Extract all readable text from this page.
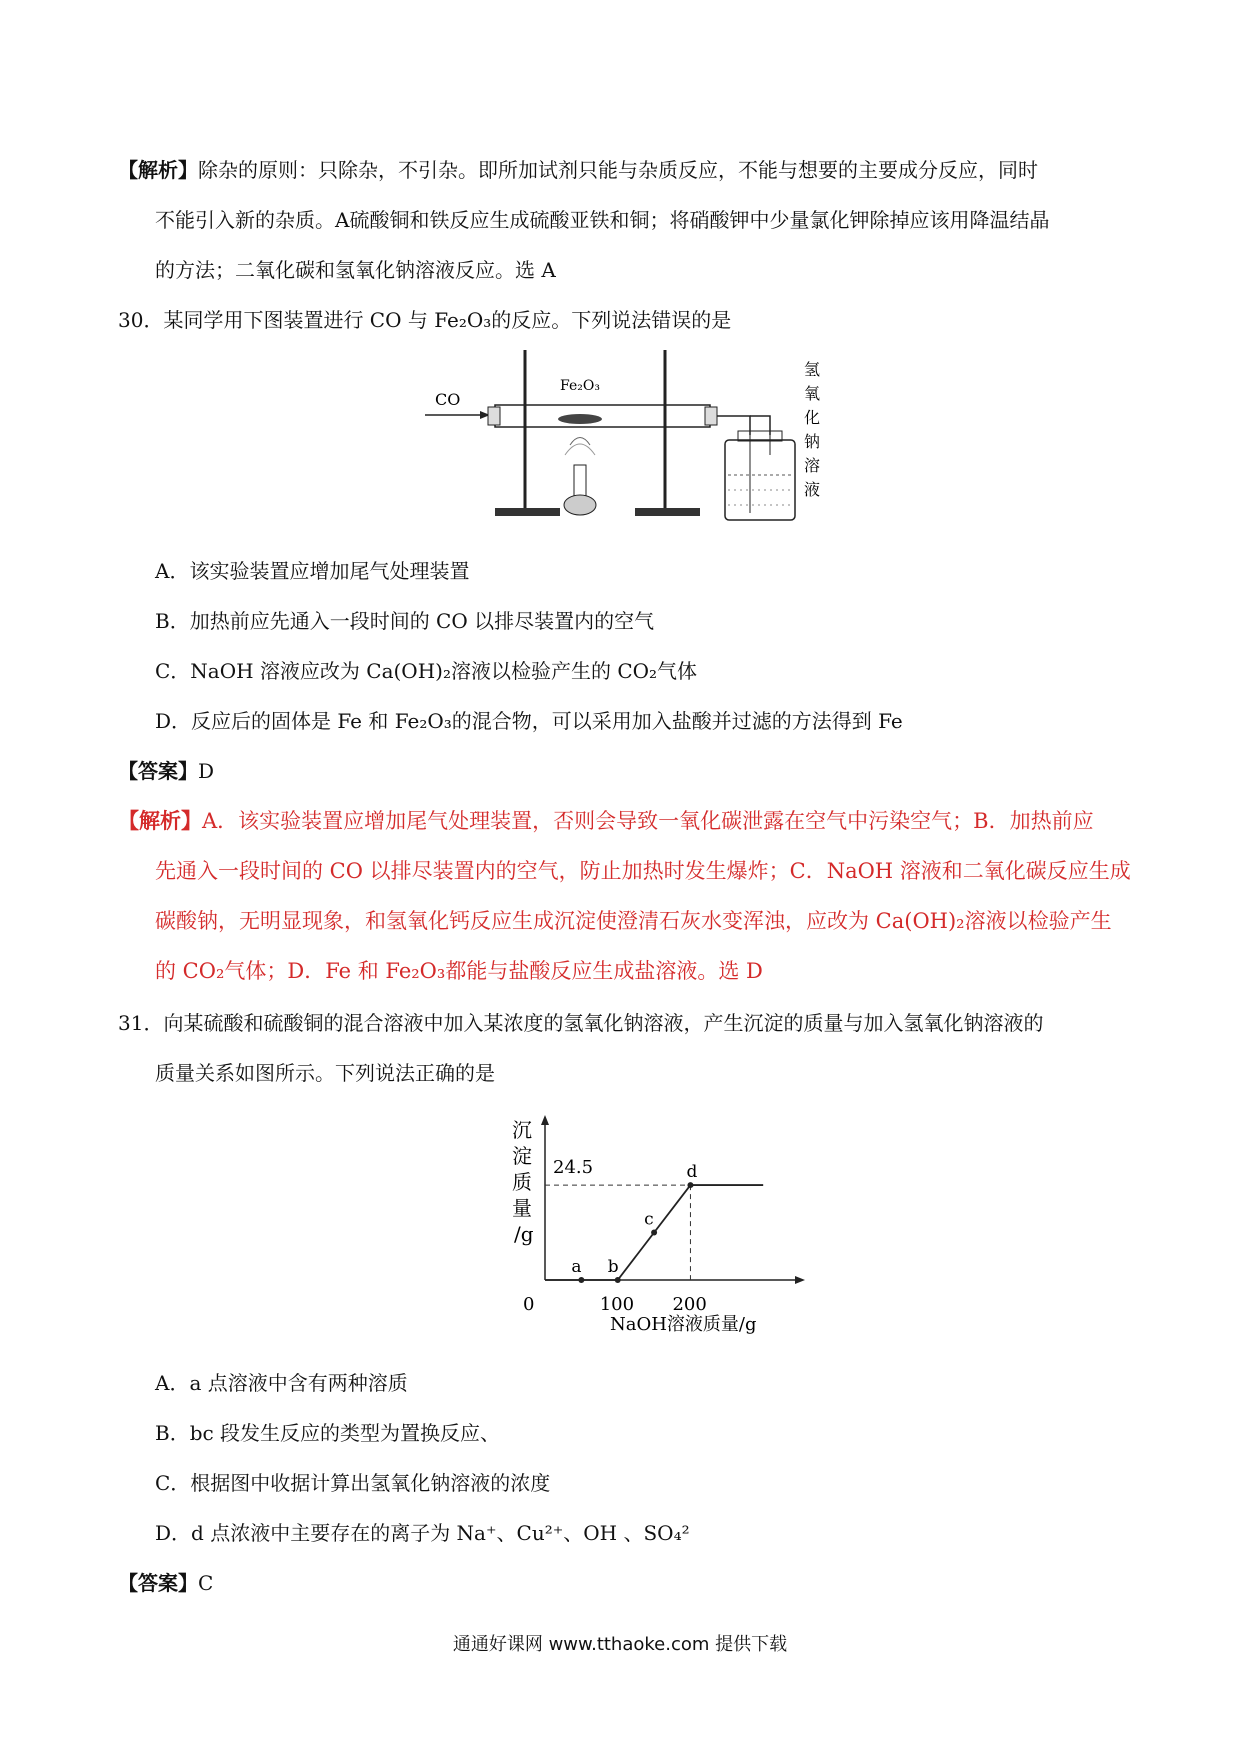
【解析】除杂的原则：只除杂，不引杂。即所加试剂只能与杂质反应，不能与想要的主要成分反应，同时
不能引入新的杂质。A硫酸铜和铁反应生成硫酸亚铁和铜；将硝酸钾中少量氯化钾除掉应该用降温结晶
的方法；二氧化碳和氢氧化钠溶液反应。选 A
30．某同学用下图装置进行 CO 与 Fe₂O₃的反应。下列说法错误的是
CO
Fe₂O₃
氢
氧
化
钠
溶
液
A．该实验装置应增加尾气处理装置
B．加热前应先通入一段时间的 CO 以排尽装置内的空气
C．NaOH 溶液应改为 Ca(OH)₂溶液以检验产生的 CO₂气体
D．反应后的固体是 Fe 和 Fe₂O₃的混合物，可以采用加入盐酸并过滤的方法得到 Fe
【答案】D
【解析】A．该实验装置应增加尾气处理装置，否则会导致一氧化碳泄露在空气中污染空气；B．加热前应
先通入一段时间的 CO 以排尽装置内的空气，防止加热时发生爆炸；C．NaOH 溶液和二氧化碳反应生成
碳酸钠，无明显现象，和氢氧化钙反应生成沉淀使澄清石灰水变浑浊，应改为 Ca(OH)₂溶液以检验产生
的 CO₂气体；D．Fe 和 Fe₂O₃都能与盐酸反应生成盐溶液。选 D
31．向某硫酸和硫酸铜的混合溶液中加入某浓度的氢氧化钠溶液，产生沉淀的质量与加入氢氧化钠溶液的
质量关系如图所示。下列说法正确的是
沉
淀
质
量
/g
a b
c
d
0	100 200
24.5
NaOH溶液质量/g
A．a 点溶液中含有两种溶质
B．bc 段发生反应的类型为置换反应、
C．根据图中收据计算出氢氧化钠溶液的浓度
D．d 点浓液中主要存在的离子为 Na⁺、Cu²⁺、OH 、SO₄²
【答案】C
通通好课网 www.tthaoke.com 提供下载
